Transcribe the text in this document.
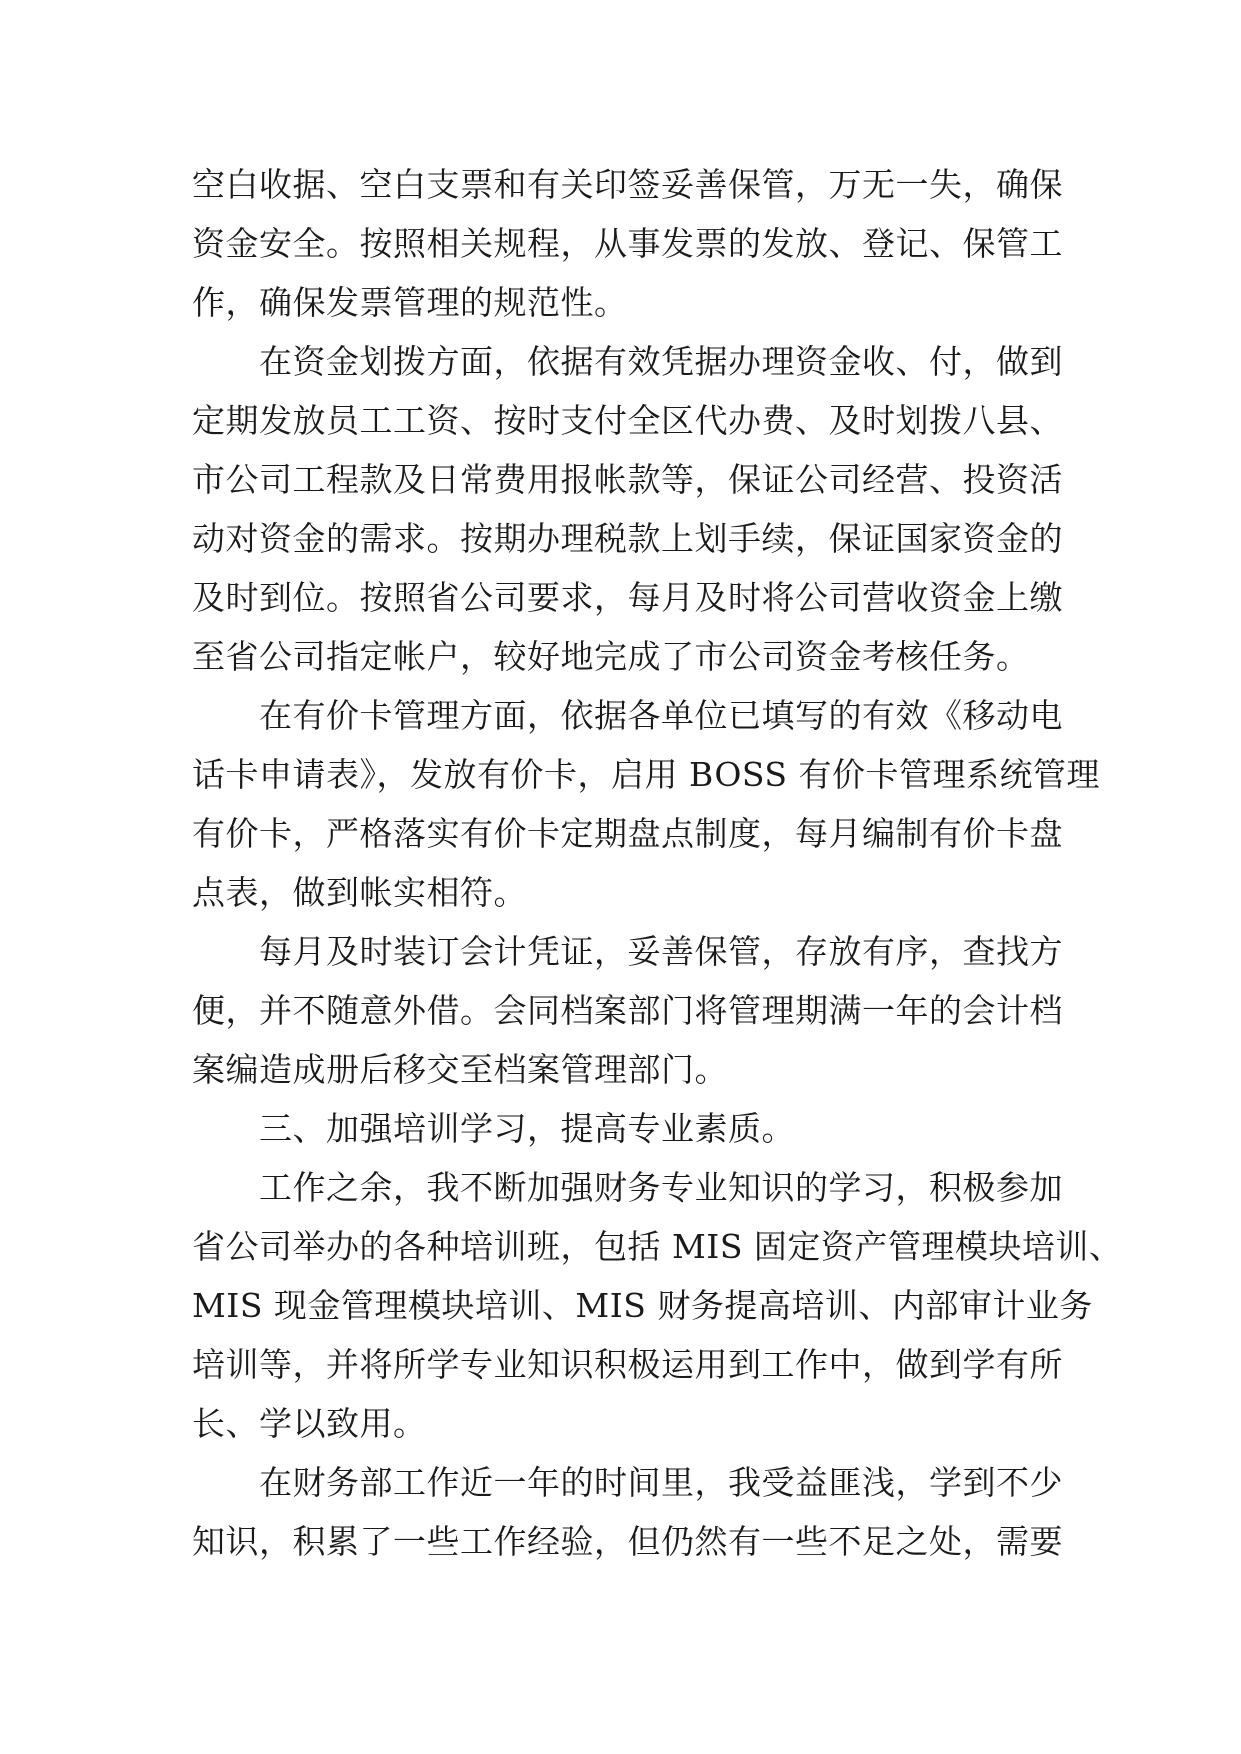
空白收据、空白支票和有关印签妥善保管，万无一失，确保
资金安全。按照相关规程，从事发票的发放、登记、保管工
作，确保发票管理的规范性。
　　在资金划拨方面，依据有效凭据办理资金收、付，做到
定期发放员工工资、按时支付全区代办费、及时划拨八县、
市公司工程款及日常费用报帐款等，保证公司经营、投资活
动对资金的需求。按期办理税款上划手续，保证国家资金的
及时到位。按照省公司要求，每月及时将公司营收资金上缴
至省公司指定帐户，较好地完成了市公司资金考核任务。
　　在有价卡管理方面，依据各单位已填写的有效《移动电
话卡申请表》，发放有价卡，启用 BOSS 有价卡管理系统管理
有价卡，严格落实有价卡定期盘点制度，每月编制有价卡盘
点表，做到帐实相符。
　　每月及时装订会计凭证，妥善保管，存放有序，查找方
便，并不随意外借。会同档案部门将管理期满一年的会计档
案编造成册后移交至档案管理部门。
　　三、加强培训学习，提高专业素质。
　　工作之余，我不断加强财务专业知识的学习，积极参加
省公司举办的各种培训班，包括 MIS 固定资产管理模块培训、
MIS 现金管理模块培训、MIS 财务提高培训、内部审计业务
培训等，并将所学专业知识积极运用到工作中，做到学有所
长、学以致用。
　　在财务部工作近一年的时间里，我受益匪浅，学到不少
知识，积累了一些工作经验，但仍然有一些不足之处，需要
